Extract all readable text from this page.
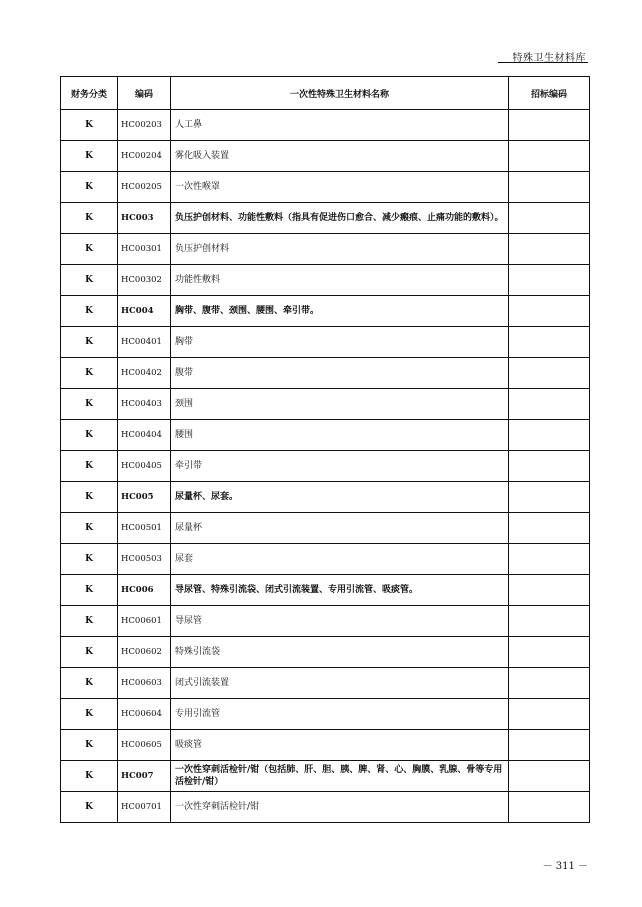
特殊卫生材料库
财务分类	编码	一次性特殊卫生材料名称	招标编码
K	HC00203	人工鼻	
K	HC00204	雾化吸入装置	
K	HC00205	一次性喉罩	
K	HC003	负压护创材料、功能性敷料（指具有促进伤口愈合、减少瘢痕、止痛功能的敷料）。	
K	HC00301	负压护创材料	
K	HC00302	功能性敷料	
K	HC004	胸带、腹带、颈围、腰围、牵引带。	
K	HC00401	胸带	
K	HC00402	腹带	
K	HC00403	颈围	
K	HC00404	腰围	
K	HC00405	牵引带	
K	HC005	尿量杯、尿套。	
K	HC00501	尿量杯	
K	HC00503	尿套	
K	HC006	导尿管、特殊引流袋、闭式引流装置、专用引流管、吸痰管。	
K	HC00601	导尿管	
K	HC00602	特殊引流袋	
K	HC00603	闭式引流装置	
K	HC00604	专用引流管	
K	HC00605	吸痰管	
K	HC007	一次性穿刺活检针/钳（包括肺、肝、胆、胰、脾、肾、心、胸膜、乳腺、骨等专用活检针/钳）	
K	HC00701	一次性穿刺活检针/钳	
－ 311 －
